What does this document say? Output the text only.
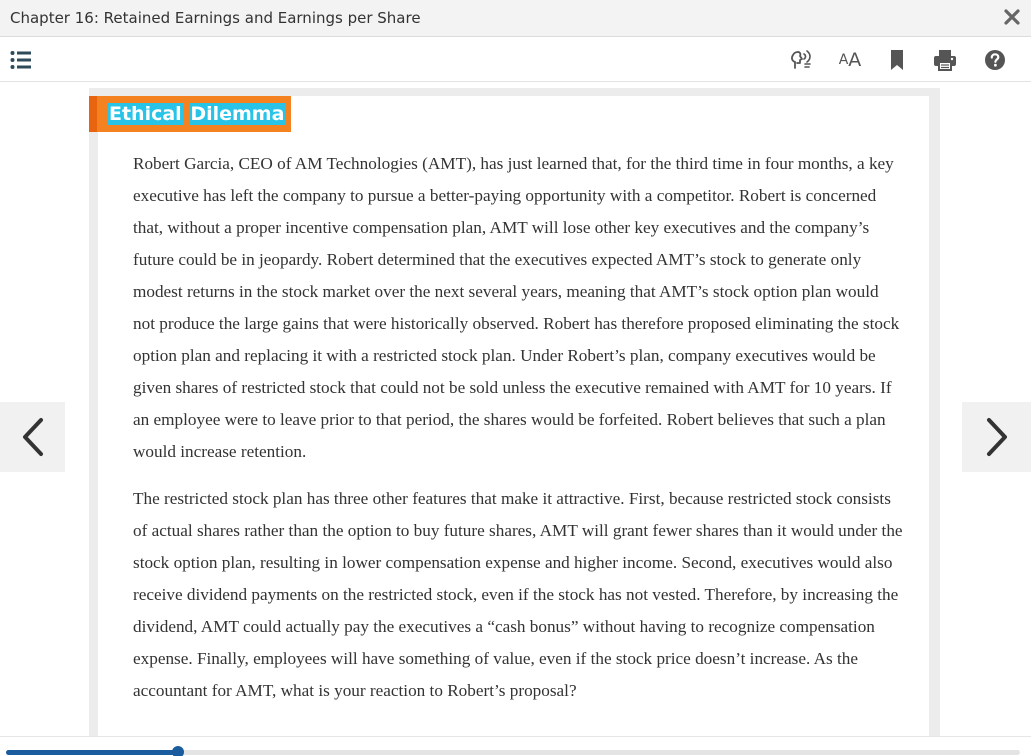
Chapter 16: Retained Earnings and Earnings per Share
A A
Ethical Dilemma

Robert Garcia, CEO of AM Technologies (AMT), has just learned that, for the third time in four months, a key executive has left the company to pursue a better-paying opportunity with a competitor. Robert is concerned that, without a proper incentive compensation plan, AMT will lose other key executives and the company’s future could be in jeopardy. Robert determined that the executives expected AMT’s stock to generate only modest returns in the stock market over the next several years, meaning that AMT’s stock option plan would not produce the large gains that were historically observed. Robert has therefore proposed eliminating the stock option plan and replacing it with a restricted stock plan. Under Robert’s plan, company executives would be given shares of restricted stock that could not be sold unless the executive remained with AMT for 10 years. If an employee were to leave prior to that period, the shares would be forfeited. Robert believes that such a plan would increase retention.

The restricted stock plan has three other features that make it attractive. First, because restricted stock consists of actual shares rather than the option to buy future shares, AMT will grant fewer shares than it would under the stock option plan, resulting in lower compensation expense and higher income. Second, executives would also receive dividend payments on the restricted stock, even if the stock has not vested. Therefore, by increasing the dividend, AMT could actually pay the executives a “cash bonus” without having to recognize compensation expense. Finally, employees will have something of value, even if the stock price doesn’t increase. As the accountant for AMT, what is your reaction to Robert’s proposal?
